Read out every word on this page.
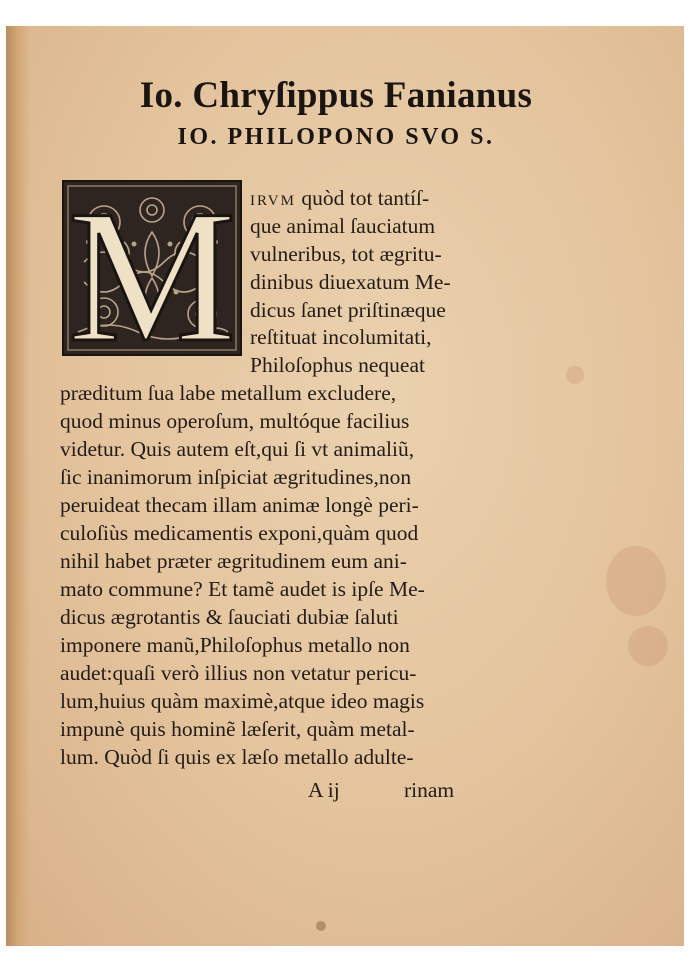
Io. Chryſippus Fanianus
IO. PHILOPONO SVO S.
M IRVM quòd tot tantíſ-

que animal ſauciatum

vulneribus, tot ægritu-

dinibus diuexatum Me-

dicus ſanet priſtinæque

reſtituat incolumitati,

Philoſophus nequeat

præditum ſua labe metallum excludere,

quod minus operoſum, multóque facilius

videtur. Quis autem eſt,qui ſi vt animaliũ,

ſic inanimorum inſpiciat ægritudines,non

peruideat thecam illam animæ longè peri-

culoſiùs medicamentis exponi,quàm quod

nihil habet præter ægritudinem eum ani-

mato commune? Et tamẽ audet is ipſe Me-

dicus ægrotantis & ſauciati dubiæ ſaluti

imponere manũ,Philoſophus metallo non

audet:quaſi verò illius non vetatur pericu-

lum,huius quàm maximè,atque ideo magis

impunè quis hominẽ læſerit, quàm metal-

lum. Quòd ſi quis ex læſo metallo adulte-

A ij	rinam
